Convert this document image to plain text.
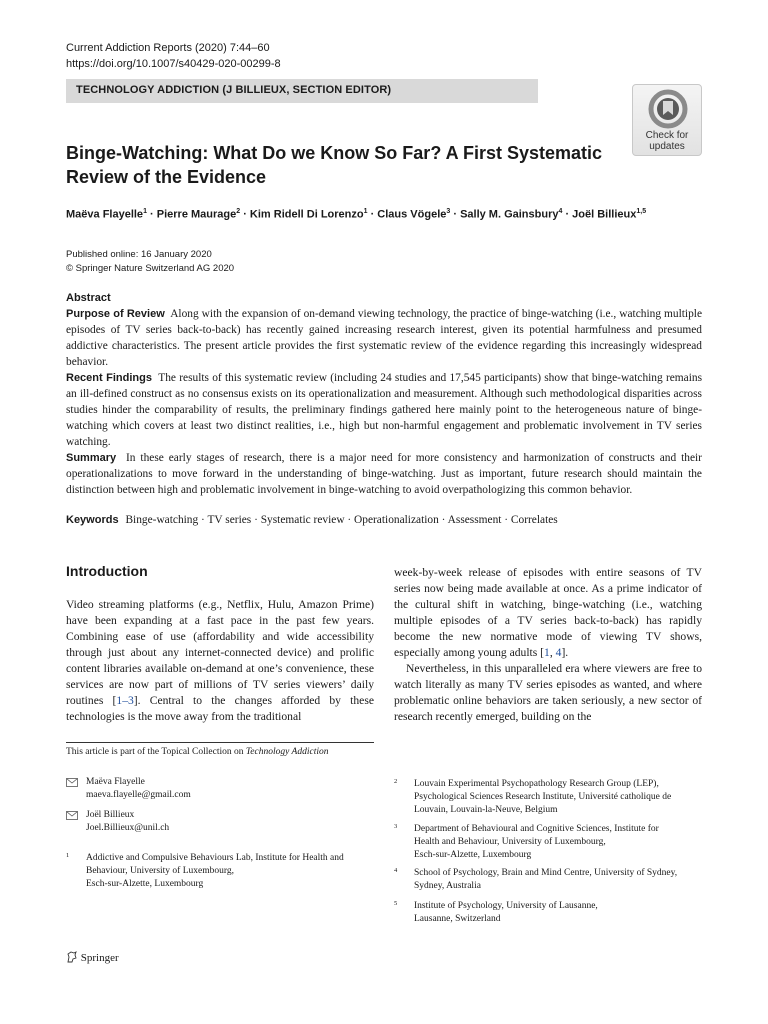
Current Addiction Reports (2020) 7:44–60
https://doi.org/10.1007/s40429-020-00299-8
TECHNOLOGY ADDICTION (J BILLIEUX, SECTION EDITOR)
Check for
updates
Binge-Watching: What Do we Know So Far? A First Systematic
Review of the Evidence
Maëva Flayelle$^1$ · Pierre Maurage$^2$ · Kim Ridell Di Lorenzo$^1$ · Claus Vögele$^3$ · Sally M. Gainsbury$^4$ · Joël Billieux$^{1,5}$
Published online: 16 January 2020
© Springer Nature Switzerland AG 2020

Abstract

Purpose of Review Along with the expansion of on-demand viewing technology, the practice of binge-watching (i.e., watching multiple episodes of TV series back-to-back) has recently gained increasing research interest, given its potential harmfulness and presumed addictive characteristics. The present article provides the first systematic review of the evidence regarding this increasingly widespread behavior.

Recent Findings The results of this systematic review (including 24 studies and 17,545 participants) show that binge-watching remains an ill-defined construct as no consensus exists on its operationalization and measurement. Although such methodological disparities across studies hinder the comparability of results, the preliminary findings gathered here mainly point to the heterogeneous nature of binge-watching which covers at least two distinct realities, i.e., high but non-harmful engagement and problematic involvement in TV series watching.

Summary In these early stages of research, there is a major need for more consistency and harmonization of constructs and their operationalizations to move forward in the understanding of binge-watching. Just as important, future research should maintain the distinction between high and problematic involvement in binge-watching to avoid overpathologizing this common behavior.

Keywords Binge-watching · TV series · Systematic review · Operationalization · Assessment · Correlates
Introduction

Video streaming platforms (e.g., Netflix, Hulu, Amazon Prime) have been expanding at a fast pace in the past few years. Combining ease of use (affordability and wide accessibility through just about any internet-connected device) and prolific content libraries available on-demand at one’s convenience, these services are now part of millions of TV series viewers’ daily routines [1–3]. Central to the changes afforded by these technologies is the move away from the traditional

week-by-week release of episodes with entire seasons of TV series now being made available at once. As a prime indicator of the cultural shift in watching, binge-watching (i.e., watching multiple episodes of a TV series back-to-back) has rapidly become the new normative mode of viewing TV shows, especially among young adults [1, 4].

Nevertheless, in this unparalleled era where viewers are free to watch literally as many TV series episodes as wanted, and where problematic online behaviors are taken seriously, a new sector of research recently emerged, building on the

This article is part of the Topical Collection on Technology Addiction
Maëva Flayelle
maeva.flayelle@gmail.com
Joël Billieux
Joel.Billieux@unil.ch
1 Addictive and Compulsive Behaviours Lab, Institute for Health and
Behaviour, University of Luxembourg,
Esch-sur-Alzette, Luxembourg
2 Louvain Experimental Psychopathology Research Group (LEP),
Psychological Sciences Research Institute, Université catholique de
Louvain, Louvain-la-Neuve, Belgium
3 Department of Behavioural and Cognitive Sciences, Institute for
Health and Behaviour, University of Luxembourg,
Esch-sur-Alzette, Luxembourg
4 School of Psychology, Brain and Mind Centre, University of Sydney,
Sydney, Australia
5 Institute of Psychology, University of Lausanne,
Lausanne, Switzerland
Springer
